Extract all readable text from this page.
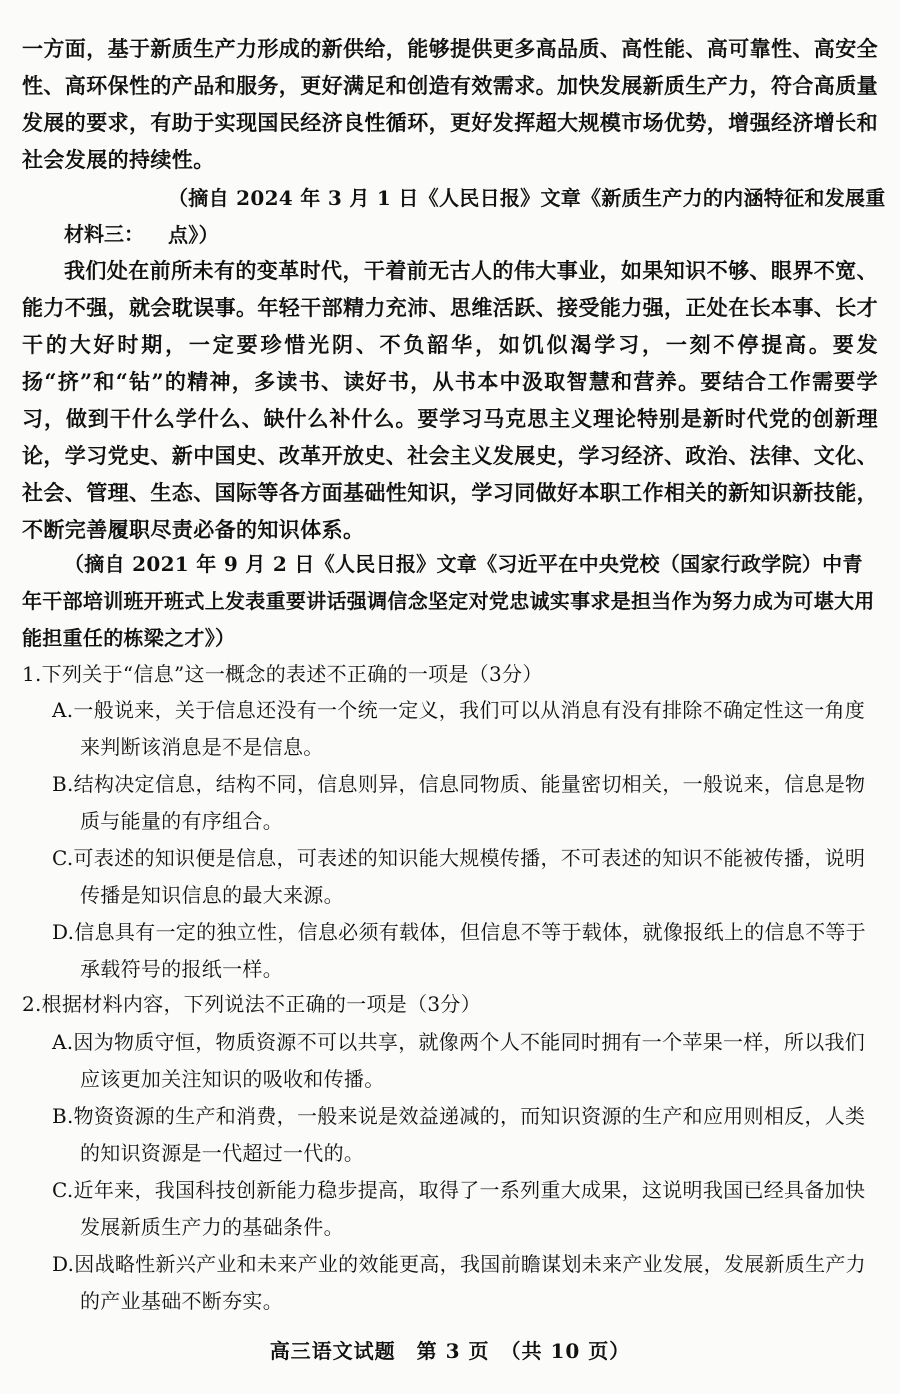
一方面，基于新质生产力形成的新供给，能够提供更多高品质、高性能、高可靠性、高安全性、高环保性的产品和服务，更好满足和创造有效需求。加快发展新质生产力，符合高质量发展的要求，有助于实现国民经济良性循环，更好发挥超大规模市场优势，增强经济增长和社会发展的持续性。

（摘自 2024 年 3 月 1 日《人民日报》文章《新质生产力的内涵特征和发展重点》）

材料三：

我们处在前所未有的变革时代，干着前无古人的伟大事业，如果知识不够、眼界不宽、能力不强，就会耽误事。年轻干部精力充沛、思维活跃、接受能力强，正处在长本事、长才干的大好时期，一定要珍惜光阴、不负韶华，如饥似渴学习，一刻不停提高。要发扬“挤”和“钻”的精神，多读书、读好书，从书本中汲取智慧和营养。要结合工作需要学习，做到干什么学什么、缺什么补什么。要学习马克思主义理论特别是新时代党的创新理论，学习党史、新中国史、改革开放史、社会主义发展史，学习经济、政治、法律、文化、社会、管理、生态、国际等各方面基础性知识，学习同做好本职工作相关的新知识新技能，不断完善履职尽责必备的知识体系。

（摘自 2021 年 9 月 2 日《人民日报》文章《习近平在中央党校（国家行政学院）中青年干部培训班开班式上发表重要讲话强调信念坚定对党忠诚实事求是担当作为努力成为可堪大用能担重任的栋梁之才》）

1.下列关于“信息”这一概念的表述不正确的一项是（3分）

A.一般说来，关于信息还没有一个统一定义，我们可以从消息有没有排除不确定性这一角度来判断该消息是不是信息。

B.结构决定信息，结构不同，信息则异，信息同物质、能量密切相关，一般说来，信息是物质与能量的有序组合。

C.可表述的知识便是信息，可表述的知识能大规模传播，不可表述的知识不能被传播，说明传播是知识信息的最大来源。

D.信息具有一定的独立性，信息必须有载体，但信息不等于载体，就像报纸上的信息不等于承载符号的报纸一样。

2.根据材料内容，下列说法不正确的一项是（3分）

A.因为物质守恒，物质资源不可以共享，就像两个人不能同时拥有一个苹果一样，所以我们应该更加关注知识的吸收和传播。

B.物资资源的生产和消费，一般来说是效益递减的，而知识资源的生产和应用则相反，人类的知识资源是一代超过一代的。

C.近年来，我国科技创新能力稳步提高，取得了一系列重大成果，这说明我国已经具备加快发展新质生产力的基础条件。

D.因战略性新兴产业和未来产业的效能更高，我国前瞻谋划未来产业发展，发展新质生产力的产业基础不断夯实。

高三语文试题　第 3 页　（共 10 页）
